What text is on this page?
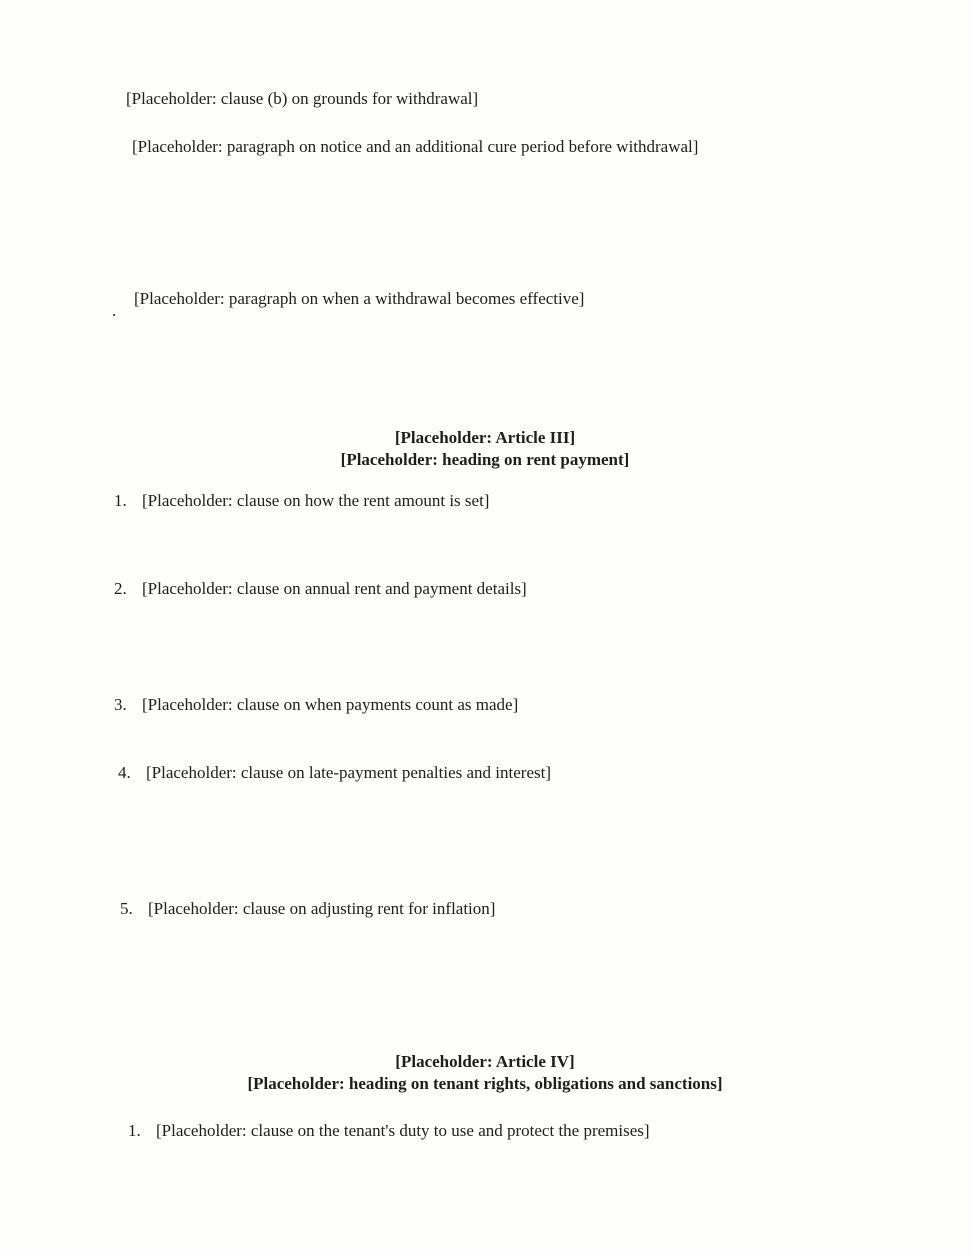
[Placeholder: clause (b) on grounds for withdrawal]

[Placeholder: paragraph on notice and an additional cure period before withdrawal]

.

[Placeholder: paragraph on when a withdrawal becomes effective]

[Placeholder: Article III]
[Placeholder: heading on rent payment]
1. [Placeholder: clause on how the rent amount is set]
2. [Placeholder: clause on annual rent and payment details]
3. [Placeholder: clause on when payments count as made]
4. [Placeholder: clause on late-payment penalties and interest]
5. [Placeholder: clause on adjusting rent for inflation]
[Placeholder: Article IV]
[Placeholder: heading on tenant rights, obligations and sanctions]
1. [Placeholder: clause on the tenant's duty to use and protect the premises]
